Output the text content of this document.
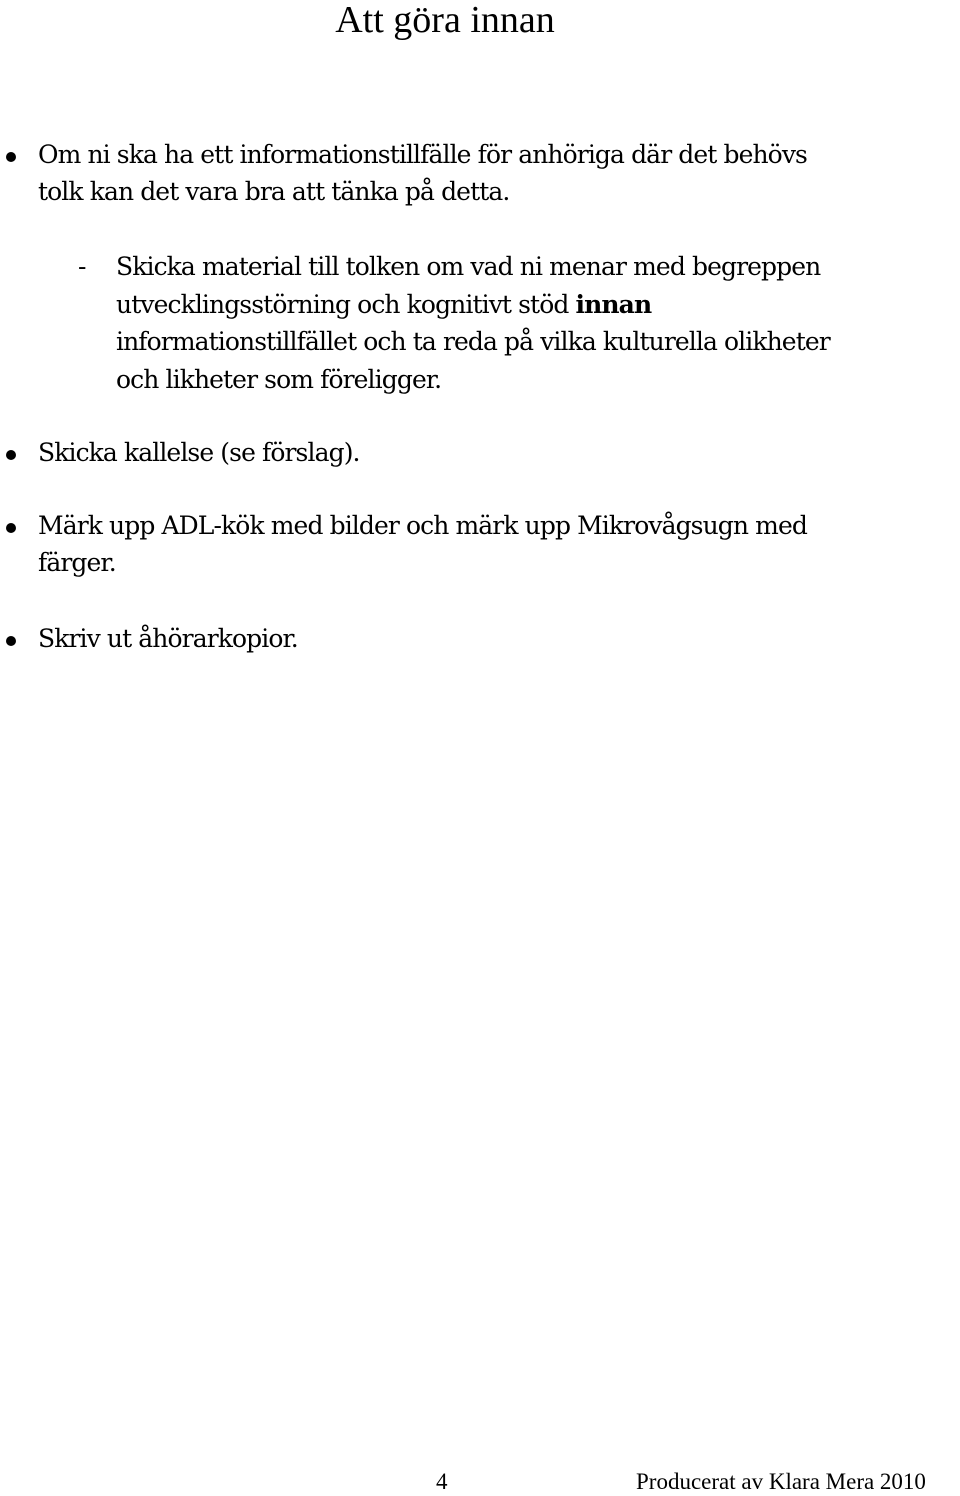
Att göra innan
Om ni ska ha ett informationstillfälle för anhöriga där det behövs
tolk kan det vara bra att tänka på detta.
- Skicka material till tolken om vad ni menar med begreppen
utvecklingsstörning och kognitivt stöd innan
informationstillfället och ta reda på vilka kulturella olikheter
och likheter som föreligger.
Skicka kallelse (se förslag).
Märk upp ADL-kök med bilder och märk upp Mikrovågsugn med
färger.
Skriv ut åhörarkopior.
4	Producerat av Klara Mera 2010
